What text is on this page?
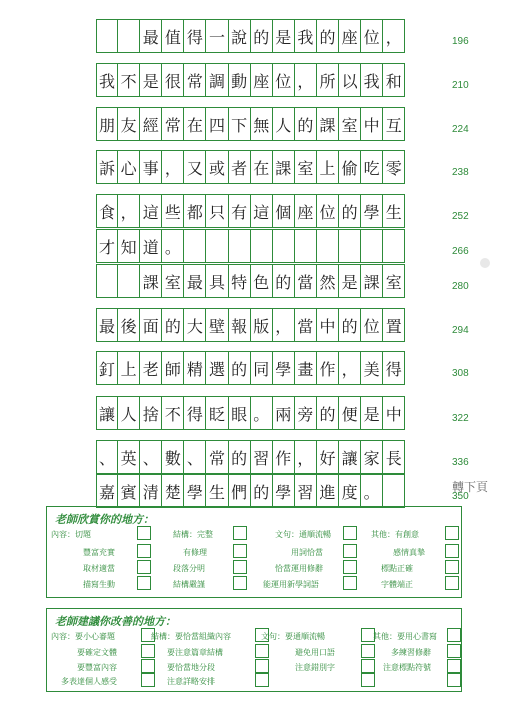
最 值 得 一 說 的 是 我 的 座 位 ，
我 不 是 很 常 調 動 座 位 ， 所 以 我 和
朋 友 經 常 在 四 下 無 人 的 課 室 中 互
訴 心 事 ， 又 或 者 在 課 室 上 偷 吃 零
食 ， 這 些 都 只 有 這 個 座 位 的 學 生
才 知 道 。
課 室 最 具 特 色 的 當 然 是 課 室
最 後 面 的 大 壁 報 版 ， 當 中 的 位 置
釘 上 老 師 精 選 的 同 學 畫 作 ， 美 得
讓 人 捨 不 得 眨 眼 。 兩 旁 的 便 是 中
、 英 、 數 、 常 的 習 作 ， 好 讓 家 長
嘉 賓 清 楚 學 生 們 的 學 習 進 度 。
196
210
224
238
252
266
280
294
308
322
336
350
轉下頁
老師欣賞你的地方：
內容：切題
豐富充實
取材適當
描寫生動
結構：完整
有條理
段落分明
結構嚴謹
文句：通順流暢
用詞恰當
恰當運用修辭
能運用新學詞語
其他：有創意
感情真摯
標點正確
字體端正
老師建議你改善的地方：
內容：要小心審題
要確定文體
要豐富內容
多表達個人感受
結構：要恰當組織內容
要注意篇章結構
要恰當地分段
注意詳略安排
文句：要通順流暢
避免用口語
注意錯別字
其他：要用心書寫
多練習修辭
注意標點符號
